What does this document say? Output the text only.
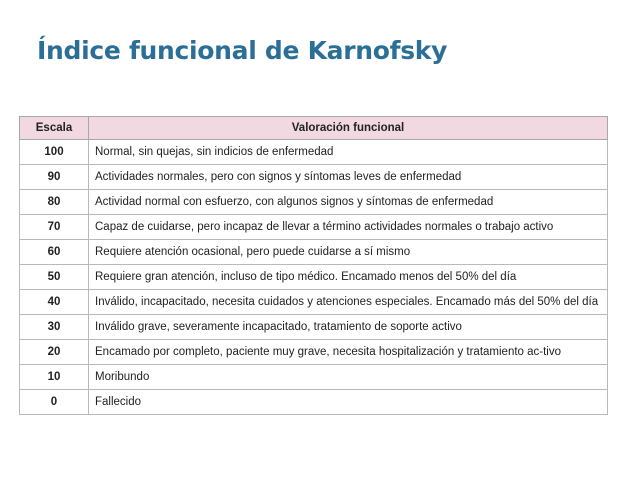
Índice funcional de Karnofsky
Escala	Valoración funcional
100	Normal, sin quejas, sin indicios de enfermedad
90	Actividades normales, pero con signos y síntomas leves de enfermedad
80	Actividad normal con esfuerzo, con algunos signos y síntomas de enfermedad
70	Capaz de cuidarse, pero incapaz de llevar a término actividades normales o trabajo activo
60	Requiere atención ocasional, pero puede cuidarse a sí mismo
50	Requiere gran atención, incluso de tipo médico. Encamado menos del 50% del día
40	Inválido, incapacitado, necesita cuidados y atenciones especiales. Encamado más del 50% del día
30	Inválido grave, severamente incapacitado, tratamiento de soporte activo
20	Encamado por completo, paciente muy grave, necesita hospitalización y tratamiento ac-tivo
10	Moribundo
0	Fallecido
